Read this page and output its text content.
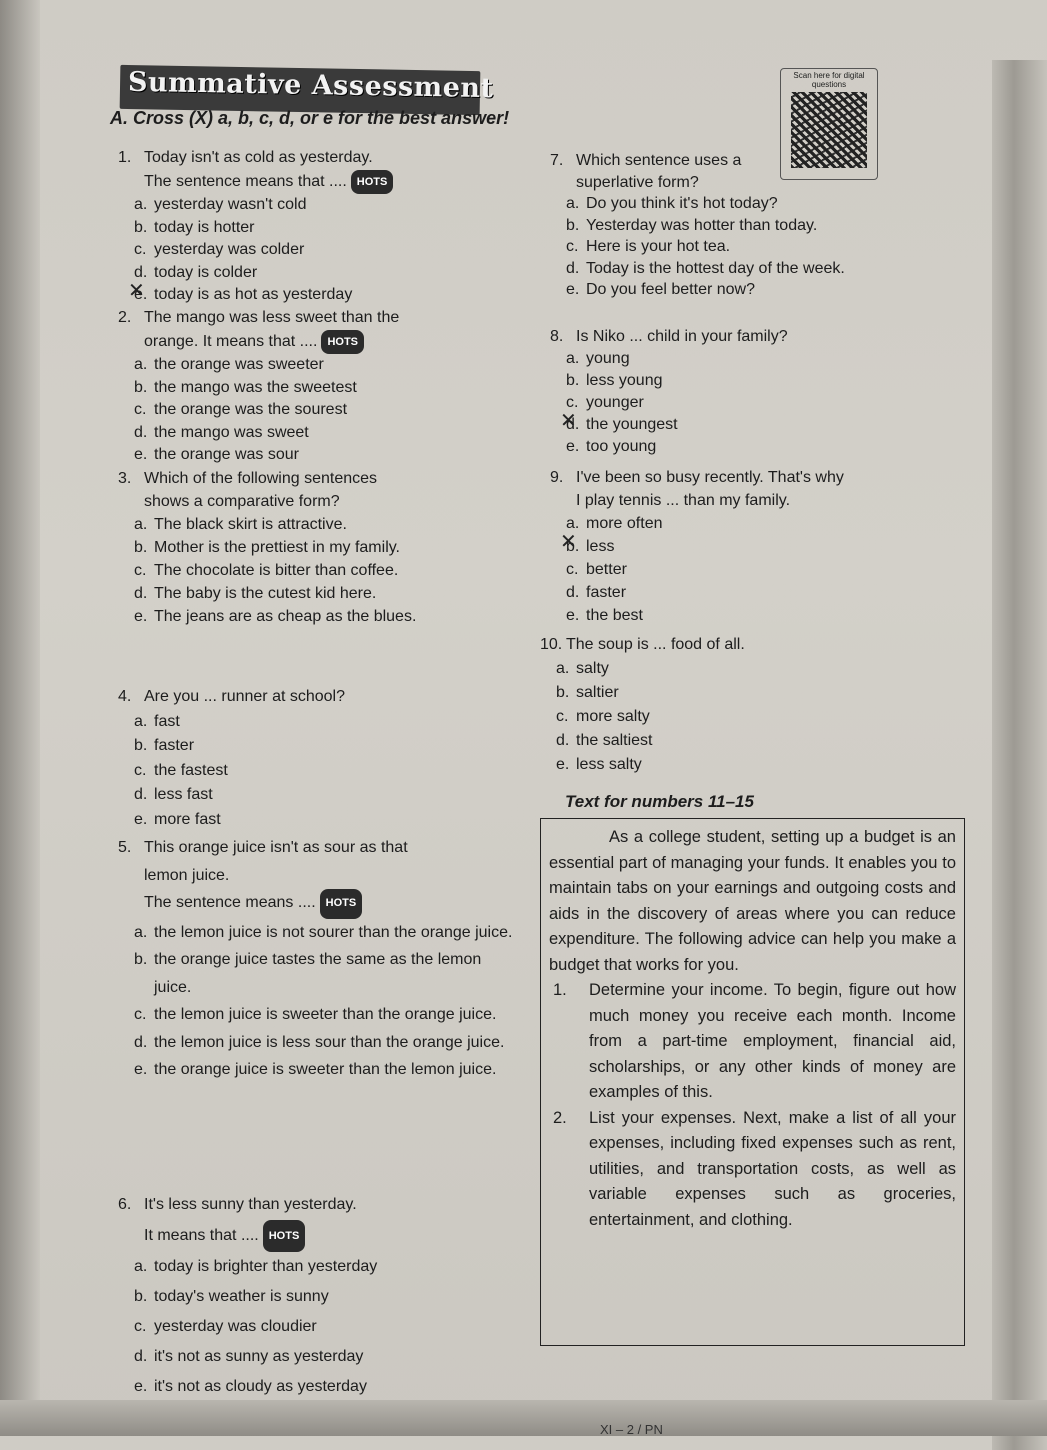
Summative Assessment	Scan here for digital questions
A. Cross (X) a, b, c, d, or e for the best answer!
1. Today isn't as cold as yesterday.
The sentence means that .... HOTS
a. yesterday wasn't cold
b. today is hotter
c. yesterday was colder
d. today is colder
e. ✕ today is as hot as yesterday
2. The mango was less sweet than the
orange. It means that .... HOTS
a. the orange was sweeter
b. the mango was the sweetest
c. the orange was the sourest
d. the mango was sweet
e. the orange was sour
3. Which of the following sentences
shows a comparative form?
a. The black skirt is attractive.
b. Mother is the prettiest in my family.
c. The chocolate is bitter than coffee.
d. The baby is the cutest kid here.
e. The jeans are as cheap as the blues.
4. Are you ... runner at school?
a. fast
b. faster
c. the fastest
d. less fast
e. more fast
5. This orange juice isn't as sour as that
lemon juice.
The sentence means .... HOTS
a. the lemon juice is not sourer than the orange juice.
b. the orange juice tastes the same as the lemon juice.
c. the lemon juice is sweeter than the orange juice.
d. the lemon juice is less sour than the orange juice.
e. the orange juice is sweeter than the lemon juice.
6. It's less sunny than yesterday.
It means that .... HOTS
a. today is brighter than yesterday
b. today's weather is sunny
c. yesterday was cloudier
d. it's not as sunny as yesterday
e. it's not as cloudy as yesterday
7. Which sentence uses a
superlative form?
a. Do you think it's hot today?
b. Yesterday was hotter than today.
c. Here is your hot tea.
d. Today is the hottest day of the week.
e. Do you feel better now?
8. Is Niko ... child in your family?
a. young
b. less young
c. younger
d. ✕ the youngest
e. too young
9. I've been so busy recently. That's why
I play tennis ... than my family.
a. more often
b. ✕ less
c. better
d. faster
e. the best
10. The soup is ... food of all.
a. salty
b. saltier
c. more salty
d. the saltiest
e. less salty
Text for numbers 11–15

As a college student, setting up a budget is an essential part of managing your funds. It enables you to maintain tabs on your earnings and outgoing costs and aids in the discovery of areas where you can reduce expenditure. The following advice can help you make a budget that works for you.

1. Determine your income. To begin, figure out how much money you receive each month. Income from a part-time employment, financial aid, scholarships, or any other kinds of money are examples of this.

2. List your expenses. Next, make a list of all your expenses, including fixed expenses such as rent, utilities, and transportation costs, as well as variable expenses such as groceries, entertainment, and clothing.

XI – 2 / PN
